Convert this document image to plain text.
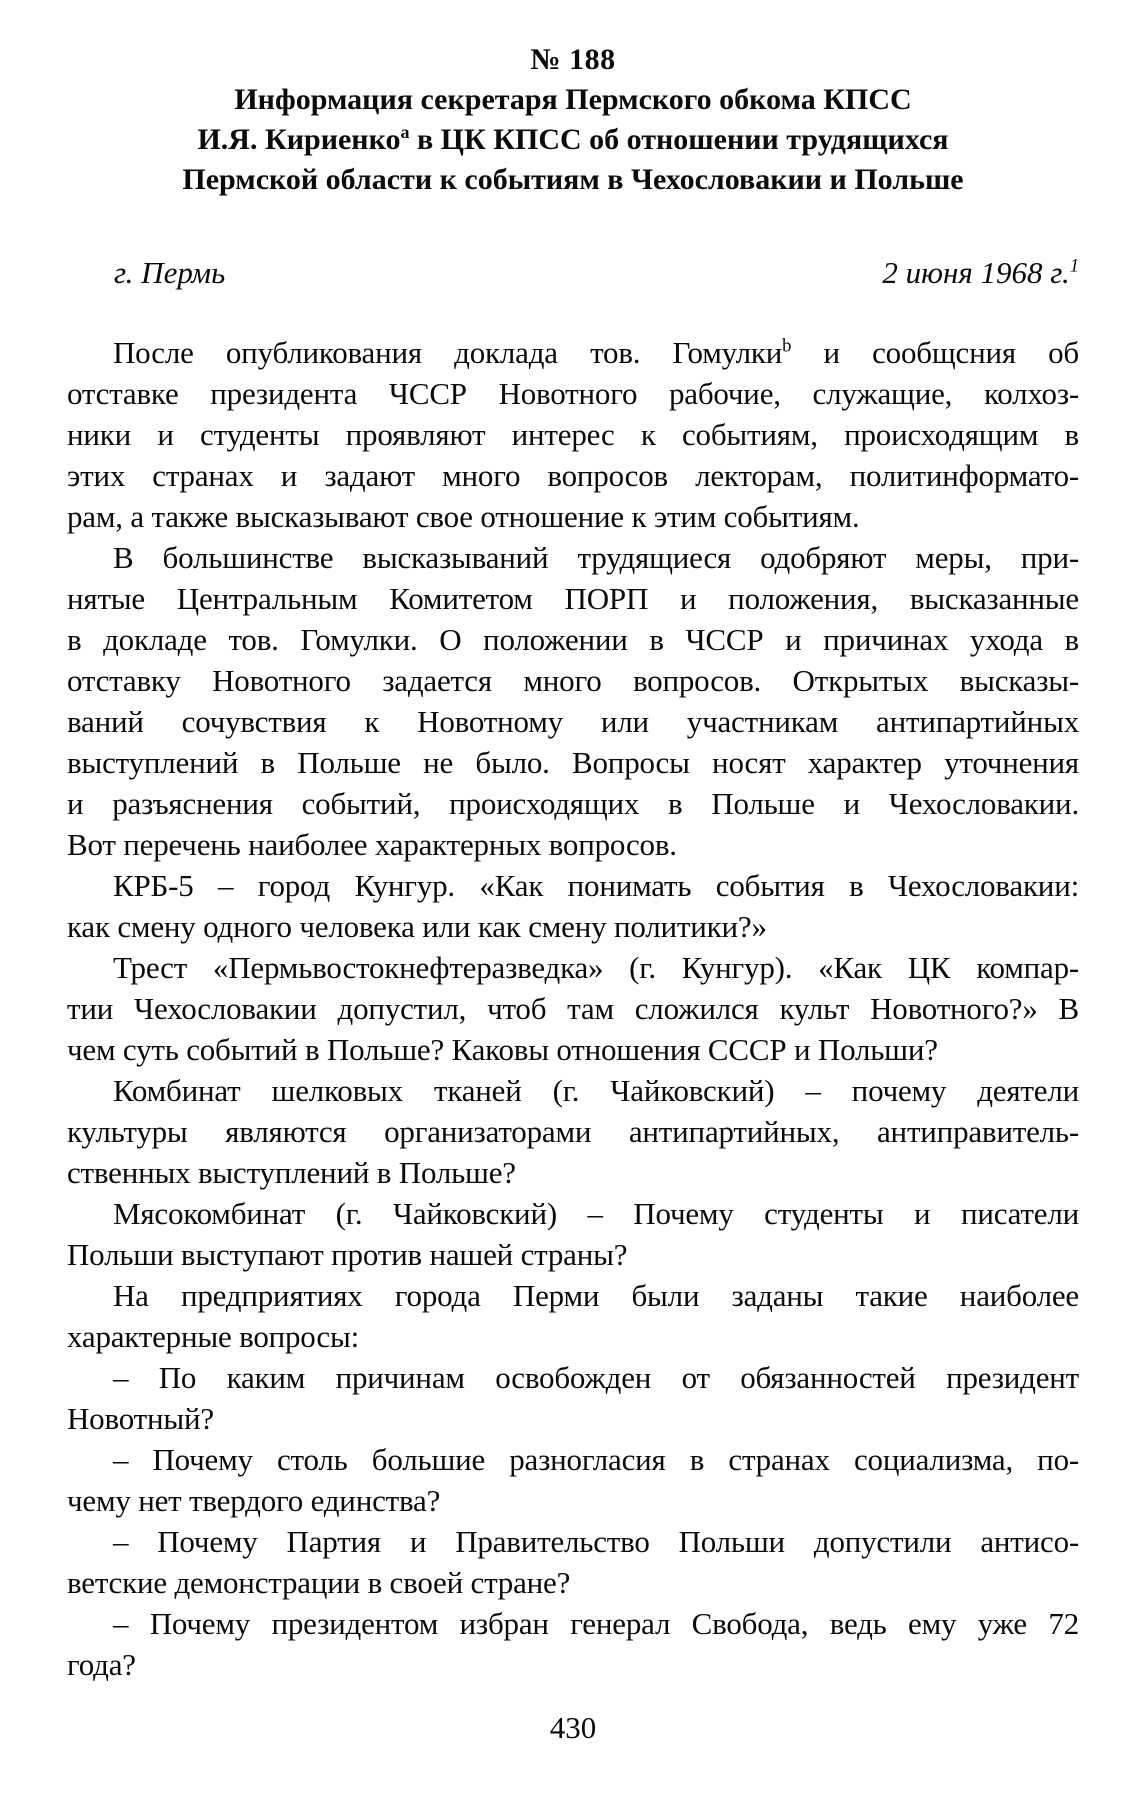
№ 188
Информация секретаря Пермского обкома КПСС
И.Я. Кириенко$^а$ в ЦК КПСС об отношении трудящихся
Пермской области к событиям в Чехословакии и Польше
г. Пермь	2 июня 1968 г.$^1$
После опубликования доклада тов. Гомулки$^b$ и сообщсния об
отставке президента ЧССР Новотного рабочие, служащие, колхоз-
ники и студенты проявляют интерес к событиям, происходящим в
этих странах и задают много вопросов лекторам, политинформато-
рам, а также высказывают свое отношение к этим событиям.
В большинстве высказываний трудящиеся одобряют меры, при-
нятые Центральным Комитетом ПОРП и положения, высказанные
в докладе тов. Гомулки. О положении в ЧССР и причинах ухода в
отставку Новотного задается много вопросов. Открытых высказы-
ваний сочувствия к Новотному или участникам антипартийных
выступлений в Польше не было. Вопросы носят характер уточнения
и разъяснения событий, происходящих в Польше и Чехословакии.
Вот перечень наиболее характерных вопросов.
КРБ-5 – город Кунгур. «Как понимать события в Чехословакии:
как смену одного человека или как смену политики?»
Трест «Пермьвостокнефтеразведка» (г. Кунгур). «Как ЦК компар-
тии Чехословакии допустил, чтоб там сложился культ Новотного?» В
чем суть событий в Польше? Каковы отношения СССР и Польши?
Комбинат шелковых тканей (г. Чайковский) – почему деятели
культуры являются организаторами антипартийных, антиправитель-
ственных выступлений в Польше?
Мясокомбинат (г. Чайковский) – Почему студенты и писатели
Польши выступают против нашей страны?
На предприятиях города Перми были заданы такие наиболее
характерные вопросы:
– По каким причинам освобожден от обязанностей президент
Новотный?
– Почему столь большие разногласия в странах социализма, по-
чему нет твердого единства?
– Почему Партия и Правительство Польши допустили антисо-
ветские демонстрации в своей стране?
– Почему президентом избран генерал Свобода, ведь ему уже 72
года?
430
